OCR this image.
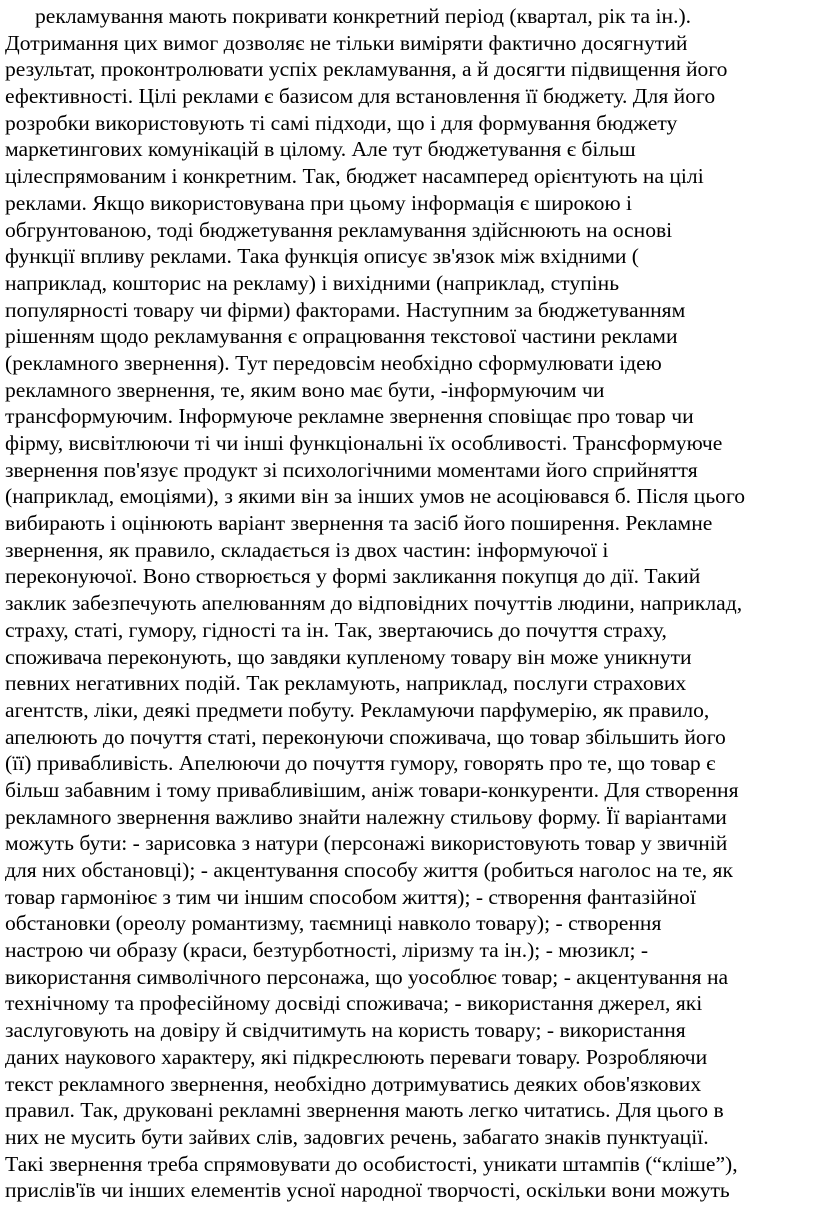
рекламування мають покривати конкретний період (квартал, рік та ін.).
Дотримання цих вимог дозволяє не тільки виміряти фактично досягнутий
результат, проконтролювати успіх рекламування, а й досягти підвищення його
ефективності. Цілі реклами є базисом для встановлення її бюджету. Для його
розробки використовують ті самі підходи, що і для формування бюджету
маркетингових комунікацій в цілому. Але тут бюджетування є більш
цілеспрямованим і конкретним. Так, бюджет насамперед орієнтують на цілі
реклами. Якщо використовувана при цьому інформація є широкою і
обгрунтованою, тоді бюджетування рекламування здійснюють на основі
функції впливу реклами. Така функція описує зв'язок між вхідними (
наприклад, кошторис на рекламу) і вихідними (наприклад, ступінь
популярності товару чи фірми) факторами. Наступним за бюджетуванням
рішенням щодо рекламування є опрацювання текстової частини реклами
(рекламного звернення). Тут передовсім необхідно сформулювати ідею
рекламного звернення, те, яким воно має бути, -інформуючим чи
трансформуючим. Інформуюче рекламне звернення сповіщає про товар чи
фірму, висвітлюючи ті чи інші функціональні їх особливості. Трансформуюче
звернення пов'язує продукт зі психологічними моментами його сприйняття
(наприклад, емоціями), з якими він за інших умов не асоціювався б. Після цього
вибирають і оцінюють варіант звернення та засіб його поширення. Рекламне
звернення, як правило, складається із двох частин: інформуючої і
переконуючої. Воно створюється у формі закликання покупця до дії. Такий
заклик забезпечують апелюванням до відповідних почуттів людини, наприклад,
страху, статі, гумору, гідності та ін. Так, звертаючись до почуття страху,
споживача переконують, що завдяки купленому товару він може уникнути
певних негативних подій. Так рекламують, наприклад, послуги страхових
агентств, ліки, деякі предмети побуту. Рекламуючи парфумерію, як правило,
апелюють до почуття статі, переконуючи споживача, що товар збільшить його
(її) привабливість. Апелюючи до почуття гумору, говорять про те, що товар є
більш забавним і тому привабливішим, аніж товари-конкуренти. Для створення
рекламного звернення важливо знайти належну стильову форму. Її варіантами
можуть бути: - зарисовка з натури (персонажі використовують товар у звичній
для них обстановці); - акцентування способу життя (робиться наголос на те, як
товар гармоніює з тим чи іншим способом життя); - створення фантазійної
обстановки (ореолу романтизму, таємниці навколо товару); - створення
настрою чи образу (краси, безтурботності, ліризму та ін.); - мюзикл; -
використання символічного персонажа, що уособлює товар; - акцентування на
технічному та професійному досвіді споживача; - використання джерел, які
заслуговують на довіру й свідчитимуть на користь товару; - використання
даних наукового характеру, які підкреслюють переваги товару. Розробляючи
текст рекламного звернення, необхідно дотримуватись деяких обов'язкових
правил. Так, друковані рекламні звернення мають легко читатись. Для цього в
них не мусить бути зайвих слів, задовгих речень, забагато знаків пунктуації.
Такі звернення треба спрямовувати до особистості, уникати штампів (“кліше”),
прислів'їв чи інших елементів усної народної творчості, оскільки вони можуть
